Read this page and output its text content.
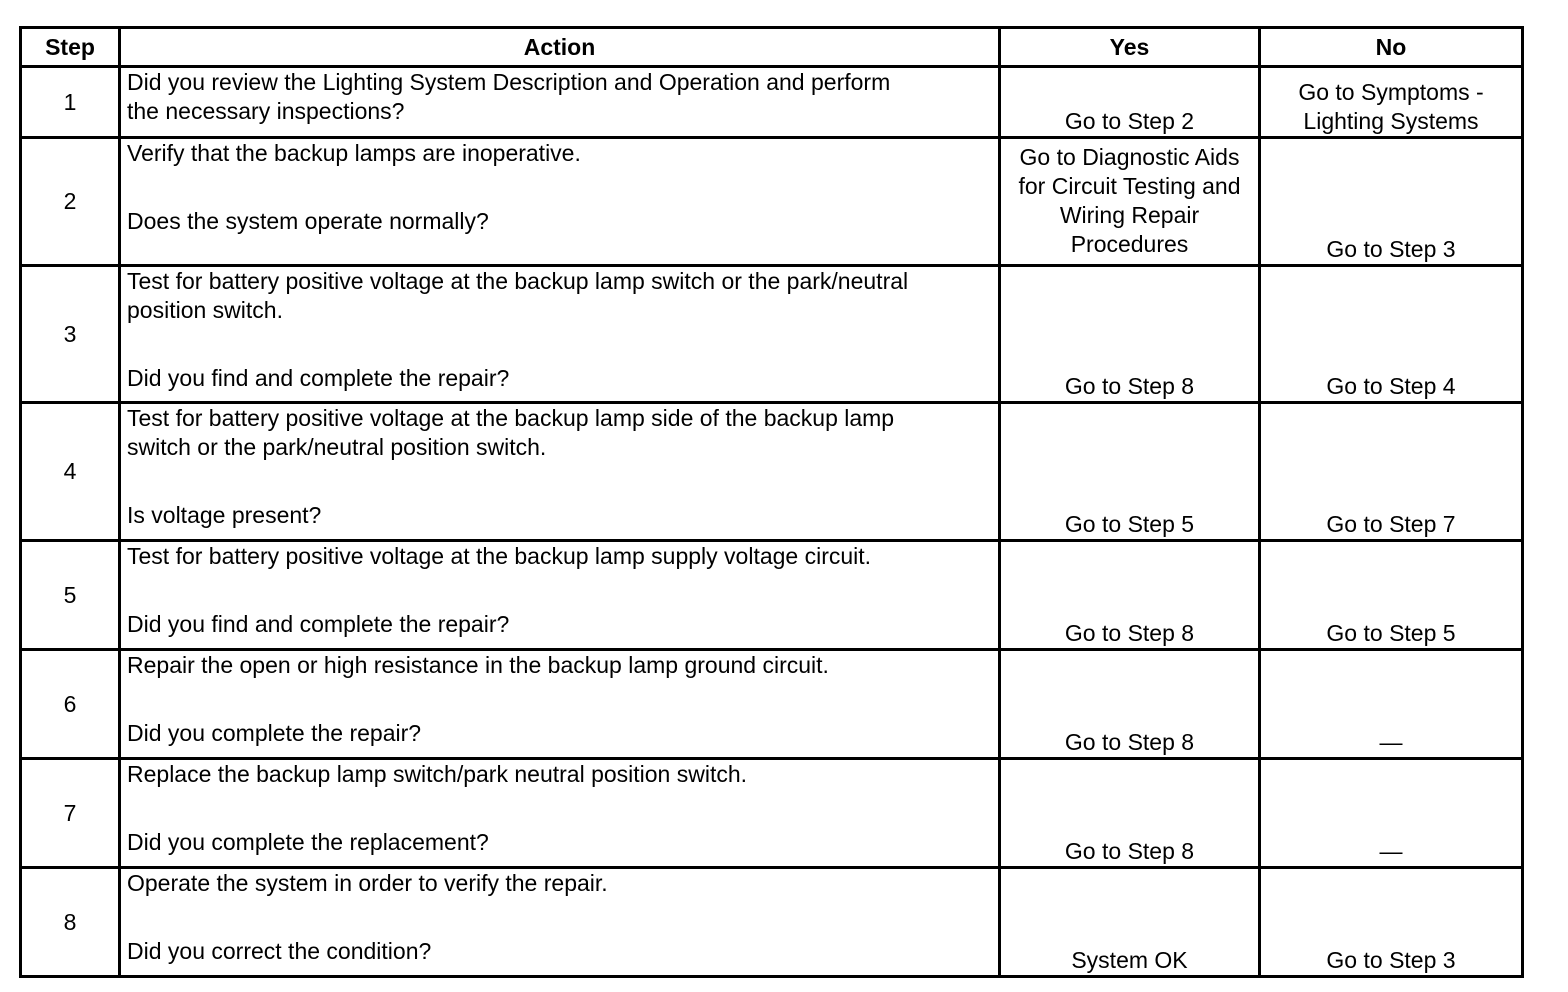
Step	Action	Yes	No
1	Did you review the Lighting System Description and Operation and perform
the necessary inspections?	Go to Step 2	Go to Symptoms -
Lighting Systems

2	Verify that the backup lamps are inoperative.
Does the system operate normally?	Go to Diagnostic Aids
for Circuit Testing and
Wiring Repair
Procedures	Go to Step 3
3	Test for battery positive voltage at the backup lamp switch or the park/neutral
position switch.
Did you find and complete the repair?	Go to Step 8	Go to Step 4
4	Test for battery positive voltage at the backup lamp side of the backup lamp
switch or the park/neutral position switch.
Is voltage present?	Go to Step 5	Go to Step 7
5	Test for battery positive voltage at the backup lamp supply voltage circuit.
Did you find and complete the repair?	Go to Step 8	Go to Step 5
6	Repair the open or high resistance in the backup lamp ground circuit.
Did you complete the repair?	Go to Step 8	—
7	Replace the backup lamp switch/park neutral position switch.
Did you complete the replacement?	Go to Step 8	—
8	Operate the system in order to verify the repair.
Did you correct the condition?	System OK	Go to Step 3
